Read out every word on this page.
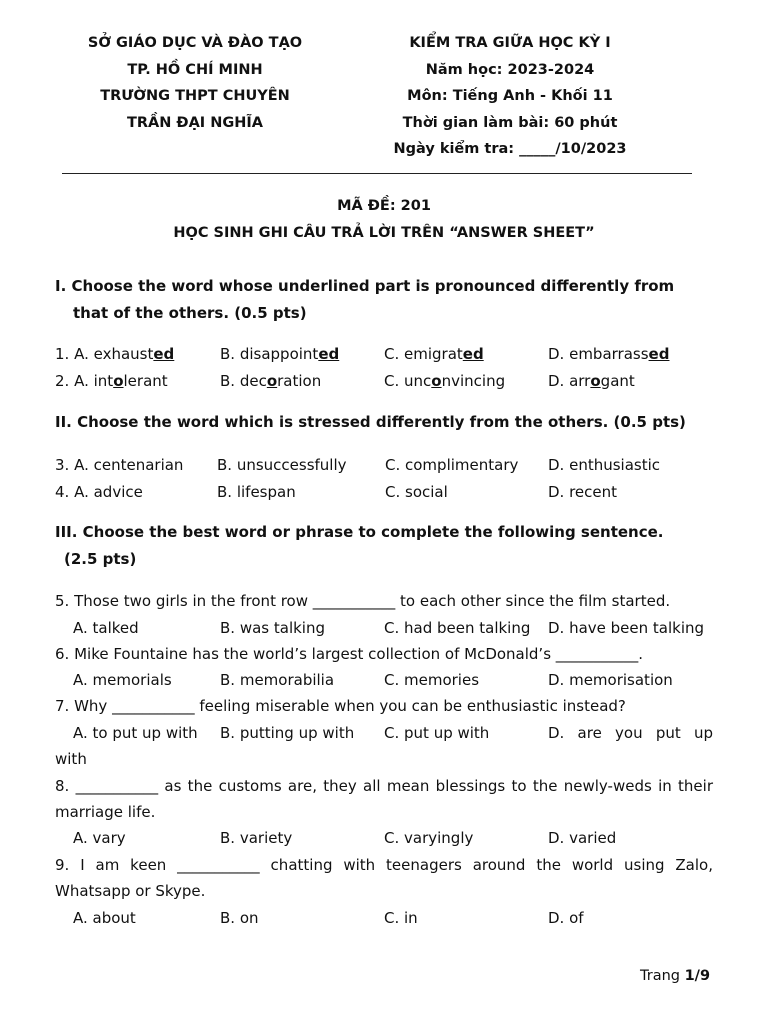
SỞ GIÁO DỤC VÀ ĐÀO TẠO
TP. HỒ CHÍ MINH
TRƯỜNG THPT CHUYÊN
TRẦN ĐẠI NGHĨA
KIỂM TRA GIỮA HỌC KỲ I
Năm học: 2023-2024
Môn: Tiếng Anh - Khối 11
Thời gian làm bài: 60 phút
Ngày kiểm tra: _____/10/2023
MÃ ĐỀ: 201
HỌC SINH GHI CÂU TRẢ LỜI TRÊN “ANSWER SHEET”
I. Choose the word whose underlined part is pronounced differently from
that of the others. (0.5 pts)
1. A. exhausted	B. disappointed	C. emigrated	D. embarrassed
2. A. intolerant	B. decoration	C. unconvincing	D. arrogant
II. Choose the word which is stressed differently from the others. (0.5 pts)
3. A. centenarian B. unsuccessfully	C. complimentary D. enthusiastic
4. A. advice	B. lifespan	C. social	D. recent
III. Choose the best word or phrase to complete the following sentence.
(2.5 pts)
5. Those two girls in the front row ___________ to each other since the film started.
A. talked	B. was talking	C. had been talking D. have been talking
6. Mike Fountaine has the world’s largest collection of McDonald’s ___________.
A. memorials	B. memorabilia	C. memories	D. memorisation
7. Why ___________ feeling miserable when you can be enthusiastic instead?
A. to put up with B. putting up with C. put up with	D. are you put up
with
8. ___________ as the customs are, they all mean blessings to the newly-weds in their
marriage life.
A. vary	B. variety	C. varyingly	D. varied
9. I am keen ___________ chatting with teenagers around the world using Zalo,
Whatsapp or Skype.
A. about	B. on	C. in	D. of
Trang 1/9
